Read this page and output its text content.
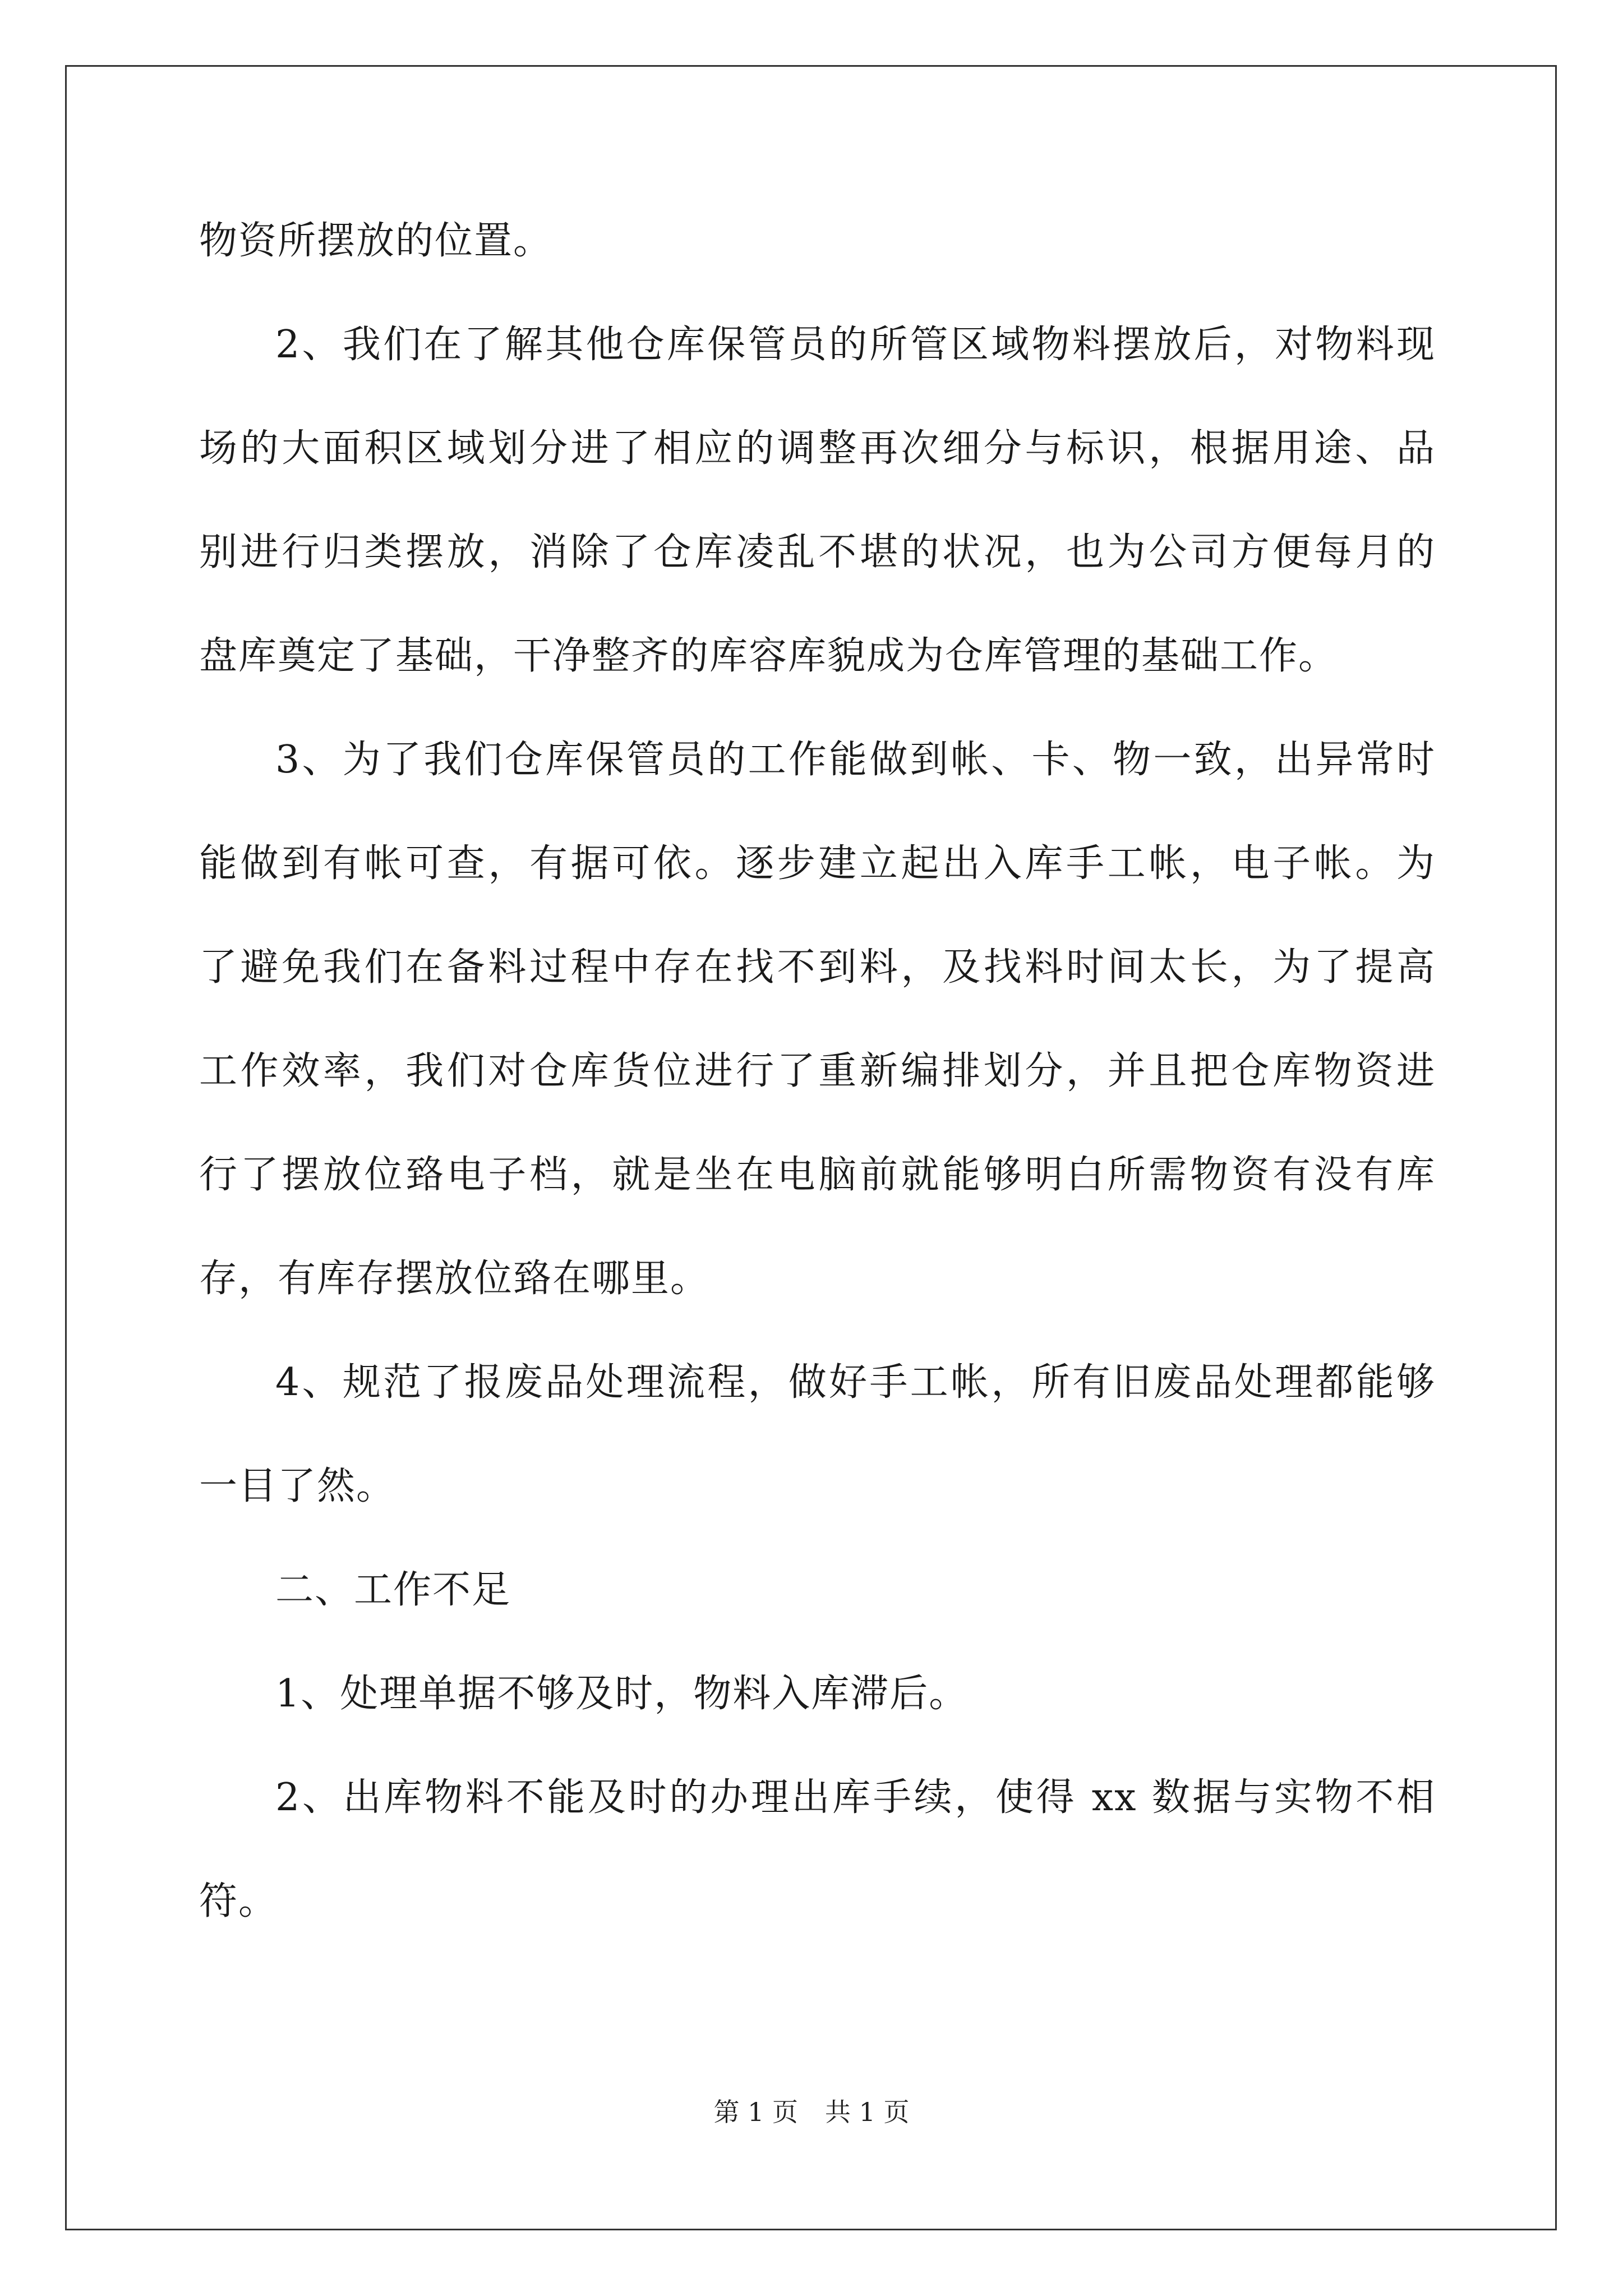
物资所摆放的位置。
2、我们在了解其他仓库保管员的所管区域物料摆放后，对物料现
场的大面积区域划分进了相应的调整再次细分与标识，根据用途、品
别进行归类摆放，消除了仓库凌乱不堪的状况，也为公司方便每月的
盘库奠定了基础，干净整齐的库容库貌成为仓库管理的基础工作。
3、为了我们仓库保管员的工作能做到帐、卡、物一致，出异常时
能做到有帐可查，有据可依。逐步建立起出入库手工帐，电子帐。为
了避免我们在备料过程中存在找不到料，及找料时间太长，为了提高
工作效率，我们对仓库货位进行了重新编排划分，并且把仓库物资进
行了摆放位臵电子档，就是坐在电脑前就能够明白所需物资有没有库
存，有库存摆放位臵在哪里。
4、规范了报废品处理流程，做好手工帐，所有旧废品处理都能够
一目了然。
二、工作不足
1、处理单据不够及时，物料入库滞后。
2、出库物料不能及时的办理出库手续，使得 xx 数据与实物不相
符。
第 1 页 共 1 页
